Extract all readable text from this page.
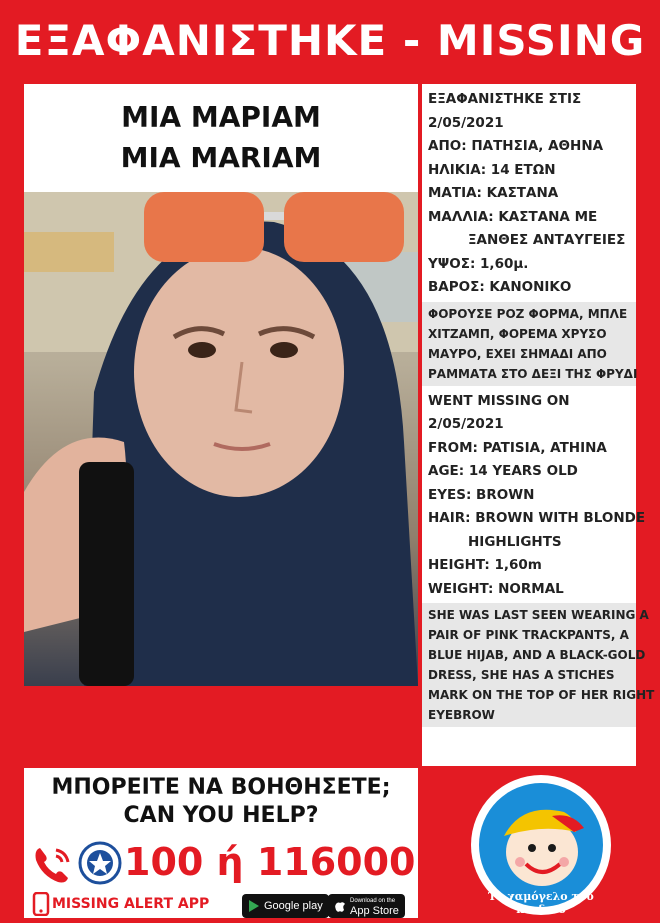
ΕΞΑΦΑΝΙΣΤΗΚΕ - MISSING
ΜΙΑ ΜΑΡΙΑΜ
MIA MARIAM
ΕΞΑΦΑΝΙΣΤΗΚΕ ΣΤΙΣ
2/05/2021
ΑΠΟ: ΠΑΤΗΣΙΑ, ΑΘΗΝΑ
ΗΛΙΚΙΑ: 14 ΕΤΩΝ
ΜΑΤΙΑ: ΚΑΣΤΑΝΑ
ΜΑΛΛΙΑ: ΚΑΣΤΑΝΑ ΜΕ
ΞΑΝΘΕΣ ΑΝΤΑΥΓΕΙΕΣ
ΥΨΟΣ: 1,60μ.
ΒΑΡΟΣ: ΚΑΝΟΝΙΚΟ
ΦΟΡΟΥΣΕ ΡΟΖ ΦΟΡΜΑ, ΜΠΛΕ
ΧΙΤΖΑΜΠ, ΦΟΡΕΜΑ ΧΡΥΣΟ
ΜΑΥΡΟ, ΕΧΕΙ ΣΗΜΑΔΙ ΑΠΟ
ΡΑΜΜΑΤΑ ΣΤΟ ΔΕΞΙ ΤΗΣ ΦΡΥΔΙ
WENT MISSING ON
2/05/2021
FROM: PATISIA, ATHINA
AGE: 14 YEARS OLD
EYES: BROWN
HAIR: BROWN WITH BLONDE
HIGHLIGHTS
HEIGHT: 1,60m
WEIGHT: NORMAL
SHE WAS LAST SEEN WEARING A
PAIR OF PINK TRACKPANTS, A
BLUE HIJAB, AND A BLACK-GOLD
DRESS, SHE HAS A STICHES
MARK ON THE TOP OF HER RIGHT
EYEBROW
ΜΠΟΡΕΙΤΕ ΝΑ ΒΟΗΘΗΣΕΤΕ;
CAN YOU HELP?
100 ή 116000
MISSING ALERT APP	Google play	Download on the
App Store
Το χαμόγελο του παιδιού
